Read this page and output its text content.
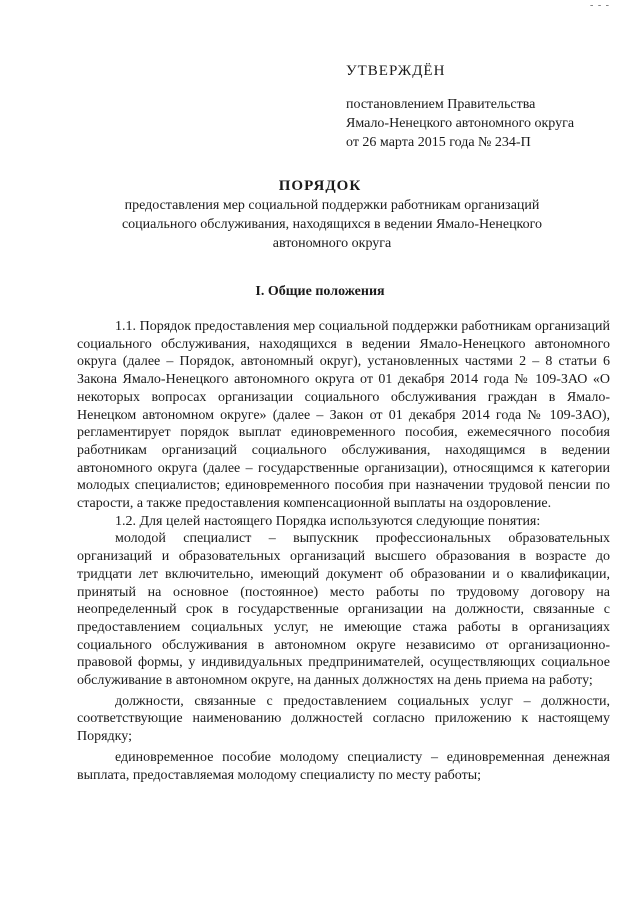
- - -
УТВЕРЖДЁН
постановлением Правительства
Ямало-Ненецкого автономного округа
от 26 марта 2015 года № 234-П
ПОРЯДОК
предоставления мер социальной поддержки работникам организаций социального обслуживания, находящихся в ведении Ямало-Ненецкого автономного округа
I. Общие положения

1.1. Порядок предоставления мер социальной поддержки работникам организаций социального обслуживания, находящихся в ведении Ямало-Ненецкого автономного округа (далее – Порядок, автономный округ), установленных частями 2 – 8 статьи 6 Закона Ямало-Ненецкого автономного округа от 01 декабря 2014 года № 109-ЗАО «О некоторых вопросах организации социального обслуживания граждан в Ямало-Ненецком автономном округе» (далее – Закон от 01 декабря 2014 года № 109-ЗАО), регламентирует порядок выплат единовременного пособия, ежемесячного пособия работникам организаций социального обслуживания, находящимся в ведении автономного округа (далее – государственные организации), относящимся к категории молодых специалистов; единовременного пособия при назначении трудовой пенсии по старости, а также предоставления компенсационной выплаты на оздоровление.

1.2. Для целей настоящего Порядка используются следующие понятия:

молодой специалист – выпускник профессиональных образовательных организаций и образовательных организаций высшего образования в возрасте до тридцати лет включительно, имеющий документ об образовании и о квалификации, принятый на основное (постоянное) место работы по трудовому договору на неопределенный срок в государственные организации на должности, связанные с предоставлением социальных услуг, не имеющие стажа работы в организациях социального обслуживания в автономном округе независимо от организационно-правовой формы, у индивидуальных предпринимателей, осуществляющих социальное обслуживание в автономном округе, на данных должностях на день приема на работу;

должности, связанные с предоставлением социальных услуг – должности, соответствующие наименованию должностей согласно приложению к настоящему Порядку;

единовременное пособие молодому специалисту – единовременная денежная выплата, предоставляемая молодому специалисту по месту работы;
